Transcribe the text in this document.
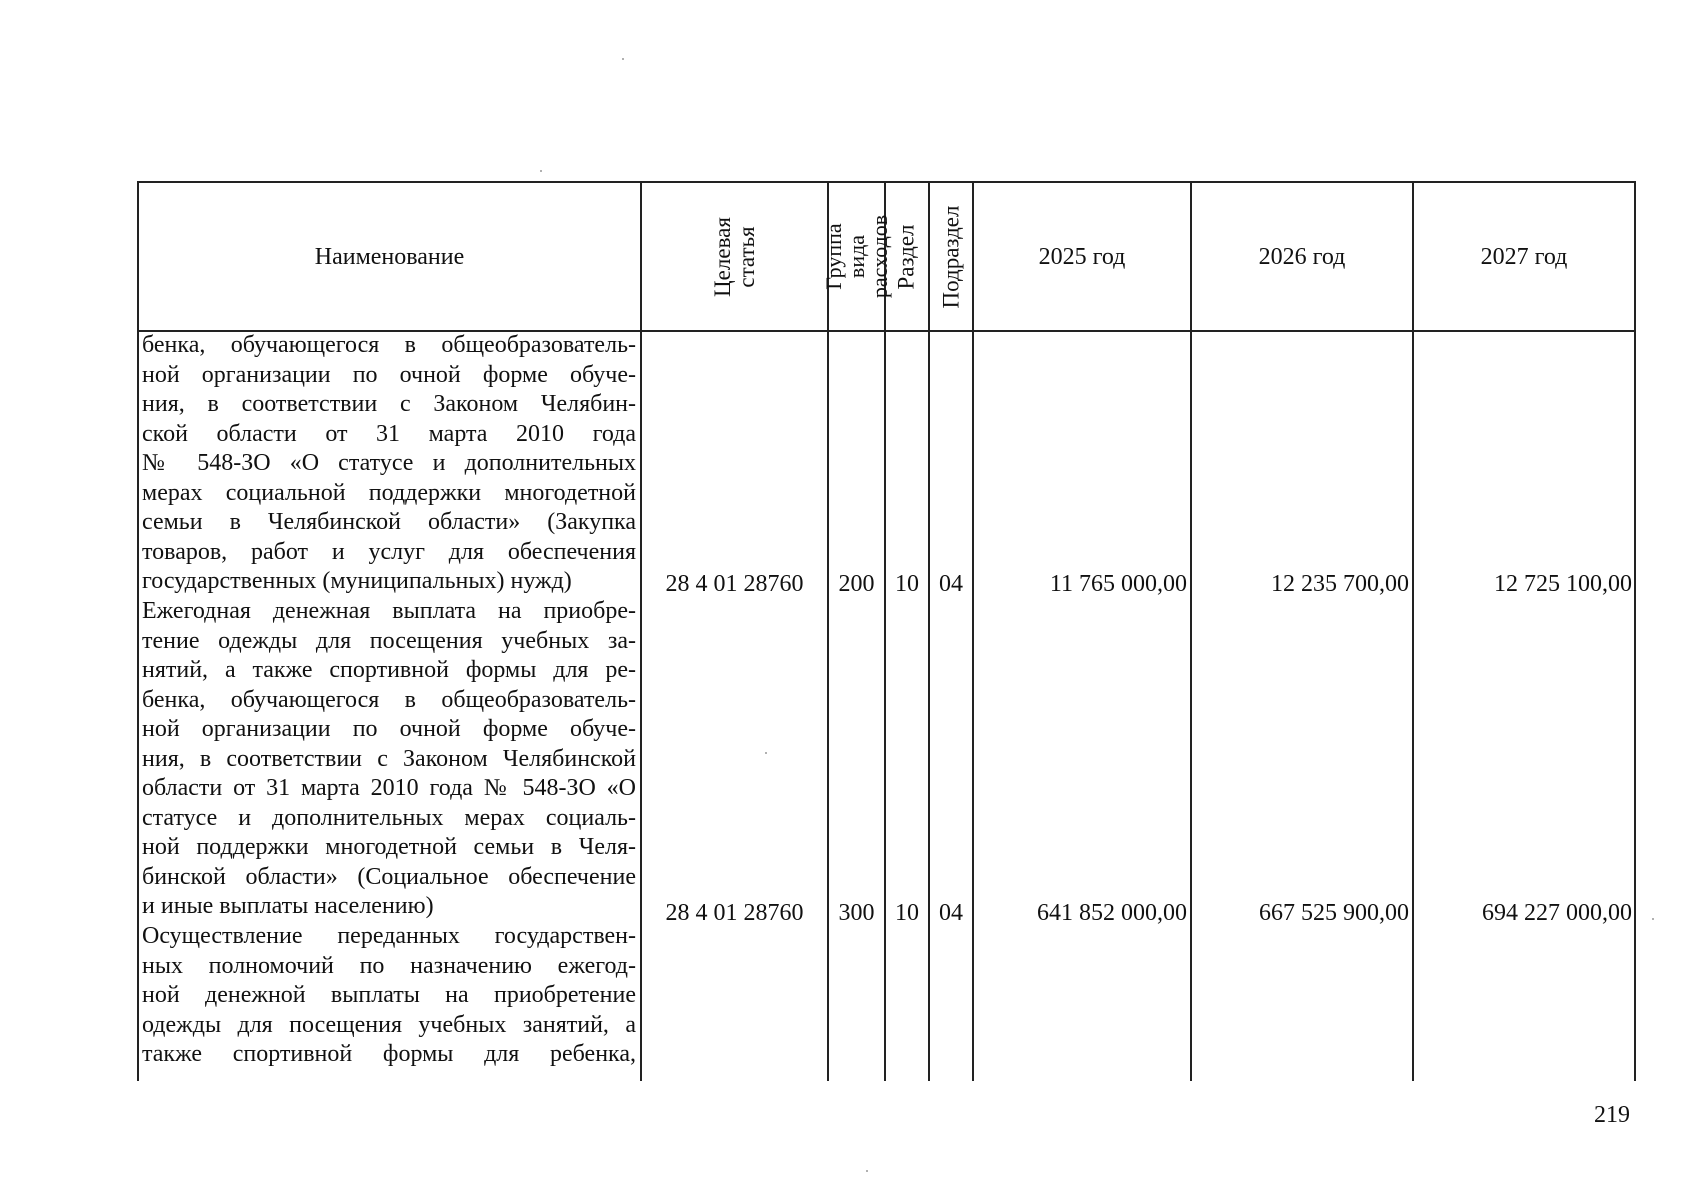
Наименование	Целевая статья	Группа вида расходов Раздел Подраздел	2025 год	2026 год	2027 год
бенка, обучающегося в общеобразователь-
ной организации по очной форме обуче-
ния, в соответствии с Законом Челябин-
ской области от 31 марта 2010 года
№ 548-ЗО «О статусе и дополнительных
мерах социальной поддержки многодетной
семьи в Челябинской области» (Закупка
товаров, работ и услуг для обеспечения
государственных (муниципальных) нужд)	28 4 01 28760	200 10 04	11 765 000,00	12 235 700,00	12 725 100,00
Ежегодная денежная выплата на приобре-
тение одежды для посещения учебных за-
нятий, а также спортивной формы для ре-
бенка, обучающегося в общеобразователь-
ной организации по очной форме обуче-
ния, в соответствии с Законом Челябинской
области от 31 марта 2010 года № 548-ЗО «О
статусе и дополнительных мерах социаль-
ной поддержки многодетной семьи в Челя-
бинской области» (Социальное обеспечение
и иные выплаты населению)	28 4 01 28760	300 10 04	641 852 000,00	667 525 900,00	694 227 000,00
Осуществление переданных государствен-
ных полномочий по назначению ежегод-
ной денежной выплаты на приобретение
одежды для посещения учебных занятий, а
также спортивной формы для ребенка,
219
